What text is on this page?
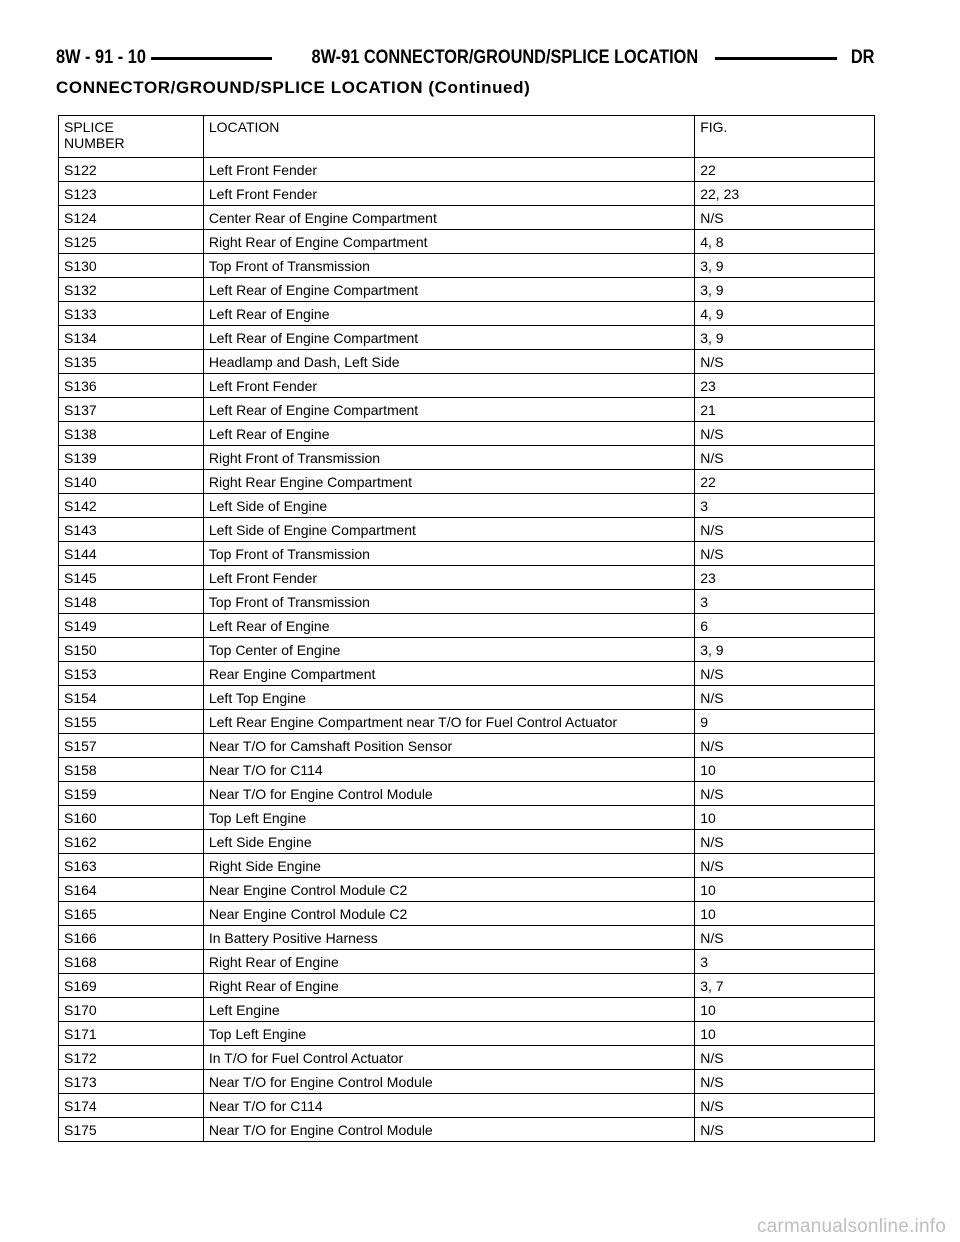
8W - 91 - 10	8W-91 CONNECTOR/GROUND/SPLICE LOCATION	DR
CONNECTOR/GROUND/SPLICE LOCATION (Continued)
SPLICE
NUMBER	LOCATION	FIG.
S122	Left Front Fender	22
S123	Left Front Fender	22, 23
S124	Center Rear of Engine Compartment	N/S
S125	Right Rear of Engine Compartment	4, 8
S130	Top Front of Transmission	3, 9
S132	Left Rear of Engine Compartment	3, 9
S133	Left Rear of Engine	4, 9
S134	Left Rear of Engine Compartment	3, 9
S135	Headlamp and Dash, Left Side	N/S
S136	Left Front Fender	23
S137	Left Rear of Engine Compartment	21
S138	Left Rear of Engine	N/S
S139	Right Front of Transmission	N/S
S140	Right Rear Engine Compartment	22
S142	Left Side of Engine	3
S143	Left Side of Engine Compartment	N/S
S144	Top Front of Transmission	N/S
S145	Left Front Fender	23
S148	Top Front of Transmission	3
S149	Left Rear of Engine	6
S150	Top Center of Engine	3, 9
S153	Rear Engine Compartment	N/S
S154	Left Top Engine	N/S
S155	Left Rear Engine Compartment near T/O for Fuel Control Actuator	9
S157	Near T/O for Camshaft Position Sensor	N/S
S158	Near T/O for C114	10
S159	Near T/O for Engine Control Module	N/S
S160	Top Left Engine	10
S162	Left Side Engine	N/S
S163	Right Side Engine	N/S
S164	Near Engine Control Module C2	10
S165	Near Engine Control Module C2	10
S166	In Battery Positive Harness	N/S
S168	Right Rear of Engine	3
S169	Right Rear of Engine	3, 7
S170	Left Engine	10
S171	Top Left Engine	10
S172	In T/O for Fuel Control Actuator	N/S
S173	Near T/O for Engine Control Module	N/S
S174	Near T/O for C114	N/S
S175	Near T/O for Engine Control Module	N/S
carmanualsonline.info
